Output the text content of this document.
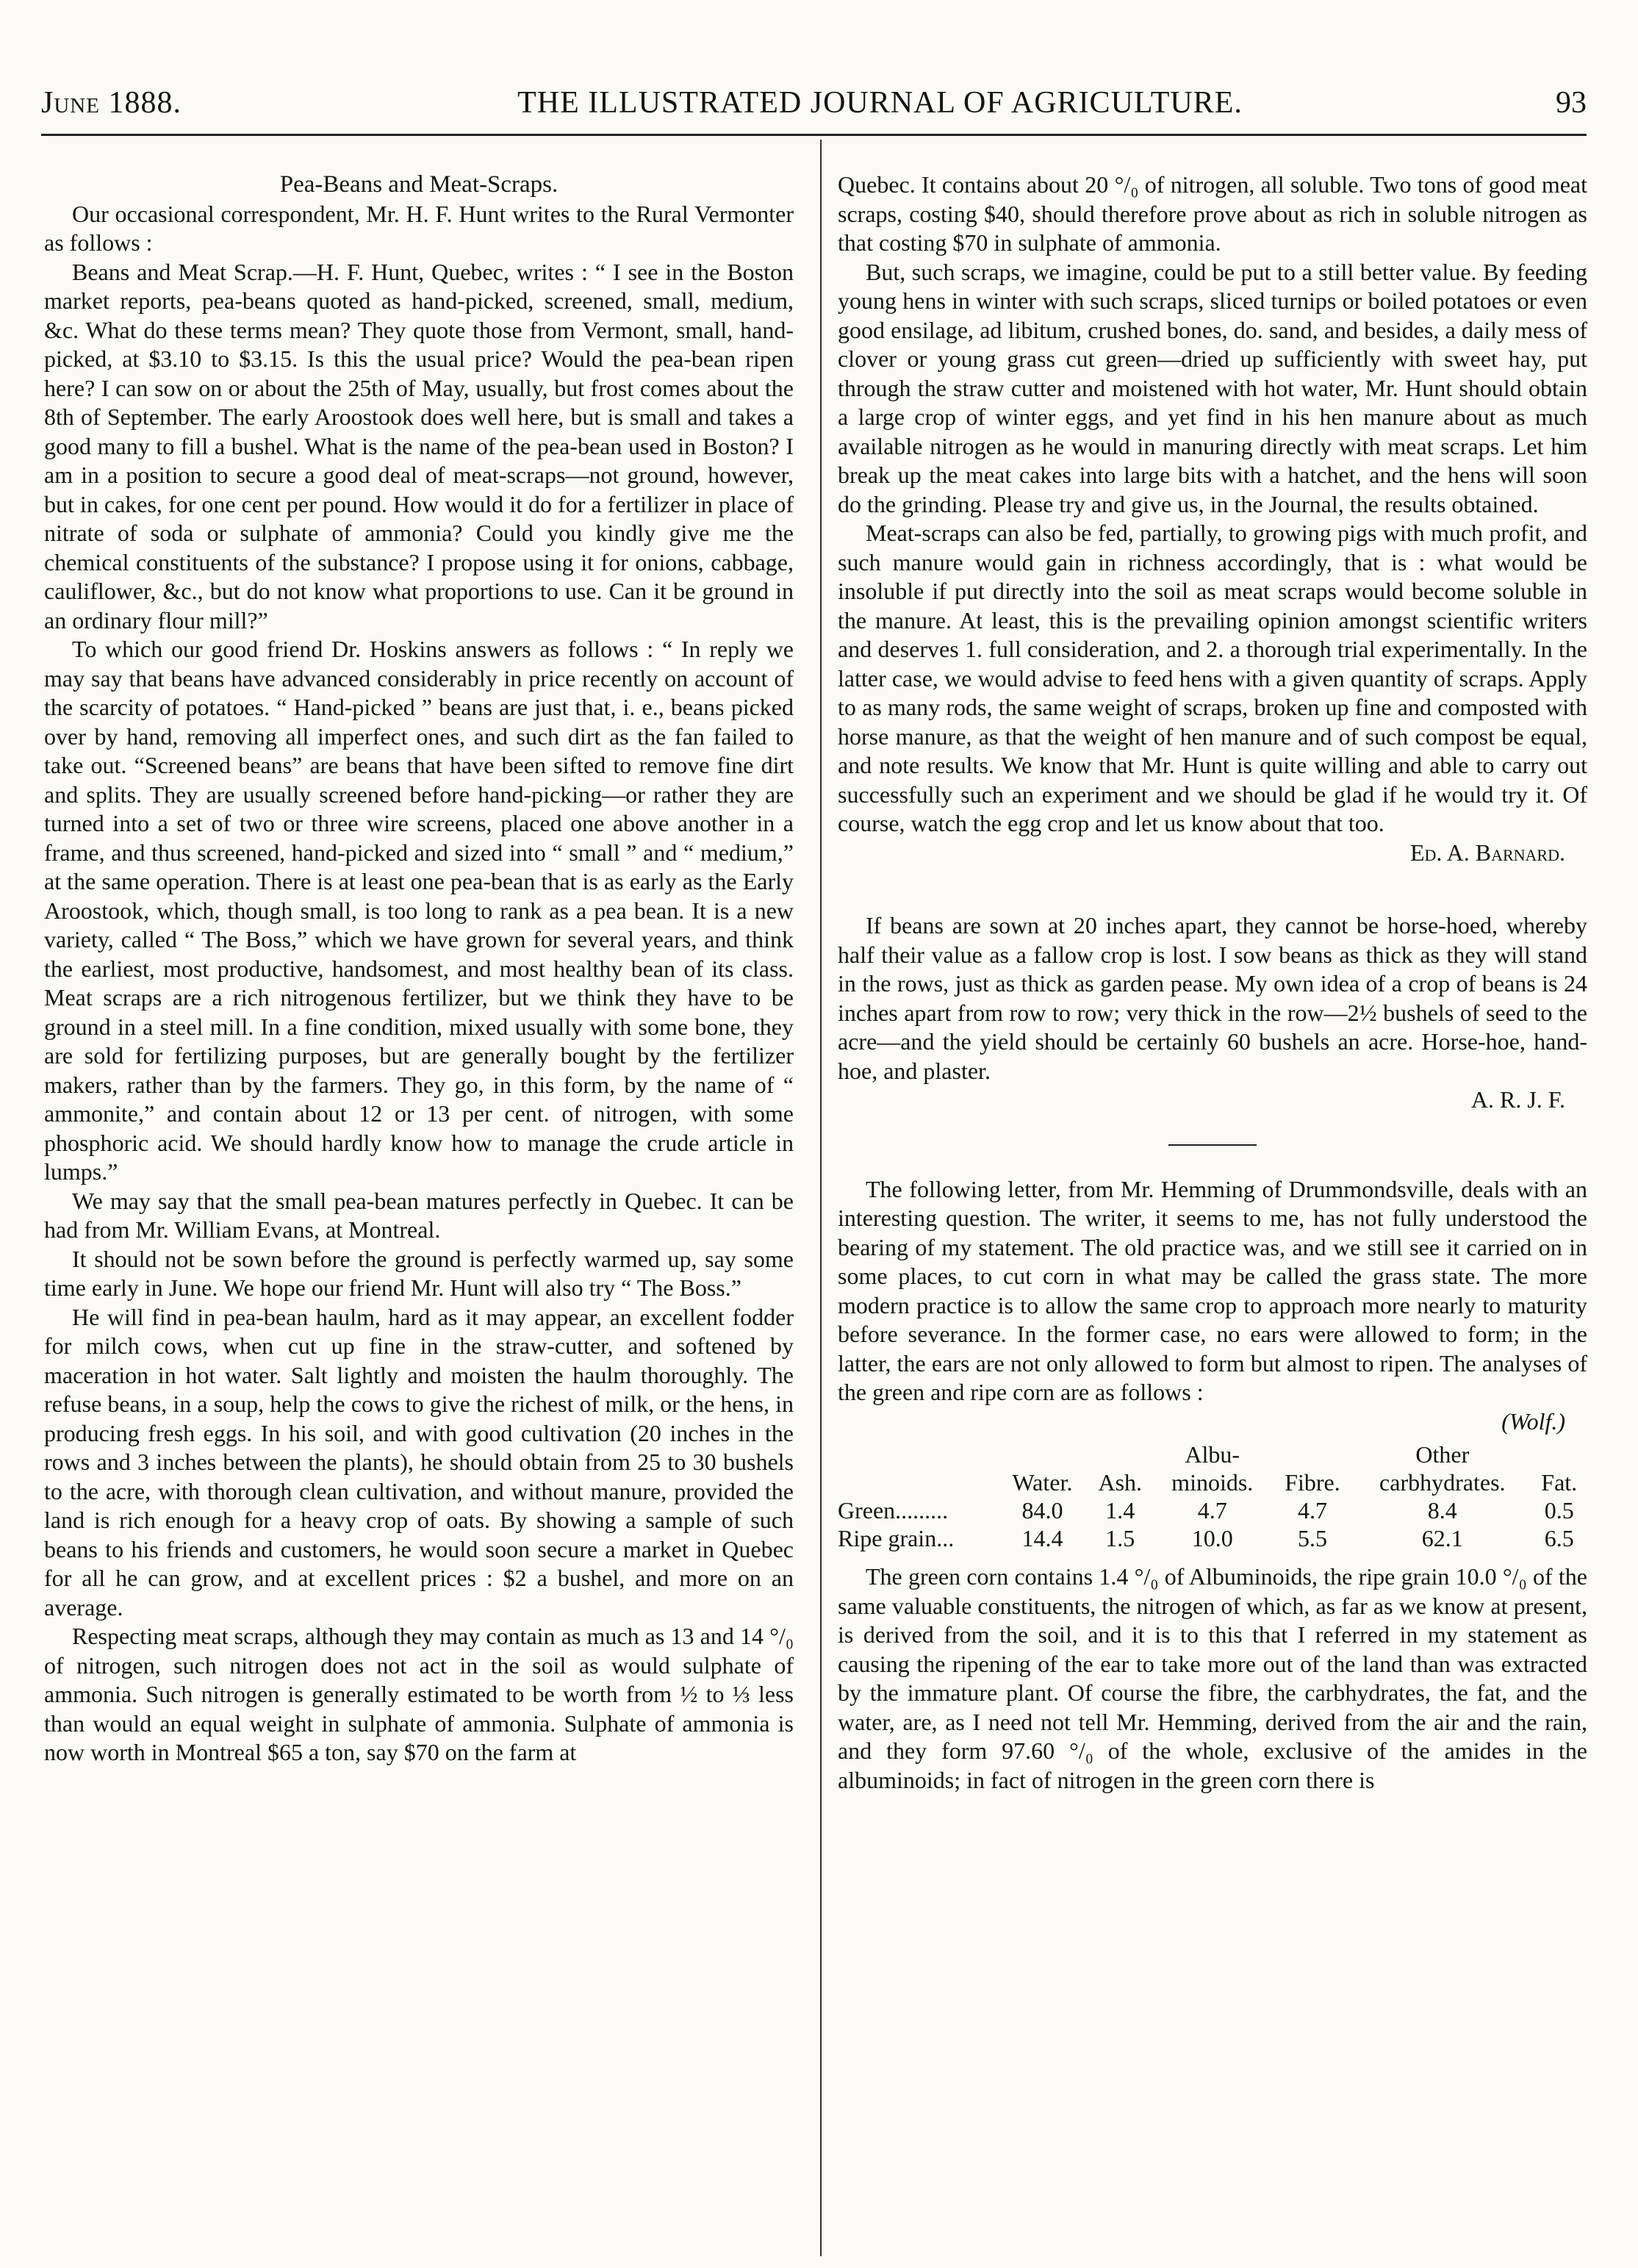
June 1888.	THE ILLUSTRATED JOURNAL OF AGRICULTURE.	93

Pea-Beans and Meat-Scraps.

Our occasional correspondent, Mr. H. F. Hunt writes to the Rural Vermonter as follows :

Beans and Meat Scrap.—H. F. Hunt, Quebec, writes : “ I see in the Boston market reports, pea-beans quoted as hand-picked, screened, small, medium, &c. What do these terms mean? They quote those from Vermont, small, hand-picked, at $3.10 to $3.15. Is this the usual price? Would the pea-bean ripen here? I can sow on or about the 25th of May, usually, but frost comes about the 8th of September. The early Aroostook does well here, but is small and takes a good many to fill a bushel. What is the name of the pea-bean used in Boston? I am in a position to secure a good deal of meat-scraps—not ground, however, but in cakes, for one cent per pound. How would it do for a fertilizer in place of nitrate of soda or sulphate of ammonia? Could you kindly give me the chemical constituents of the substance? I propose using it for onions, cabbage, cauliflower, &c., but do not know what proportions to use. Can it be ground in an ordinary flour mill?”

To which our good friend Dr. Hoskins answers as follows : “ In reply we may say that beans have advanced considerably in price recently on account of the scarcity of potatoes. “ Hand-picked ” beans are just that, i. e., beans picked over by hand, removing all imperfect ones, and such dirt as the fan failed to take out. “Screened beans” are beans that have been sifted to remove fine dirt and splits. They are usually screened before hand-picking—or rather they are turned into a set of two or three wire screens, placed one above another in a frame, and thus screened, hand-picked and sized into “ small ” and “ medium,” at the same operation. There is at least one pea-bean that is as early as the Early Aroostook, which, though small, is too long to rank as a pea bean. It is a new variety, called “ The Boss,” which we have grown for several years, and think the earliest, most productive, handsomest, and most healthy bean of its class. Meat scraps are a rich nitrogenous fertilizer, but we think they have to be ground in a steel mill. In a fine condition, mixed usually with some bone, they are sold for fertilizing purposes, but are generally bought by the fertilizer makers, rather than by the farmers. They go, in this form, by the name of “ ammonite,” and contain about 12 or 13 per cent. of nitrogen, with some phosphoric acid. We should hardly know how to manage the crude article in lumps.”

We may say that the small pea-bean matures perfectly in Quebec. It can be had from Mr. William Evans, at Montreal.

It should not be sown before the ground is perfectly warmed up, say some time early in June. We hope our friend Mr. Hunt will also try “ The Boss.”

He will find in pea-bean haulm, hard as it may appear, an excellent fodder for milch cows, when cut up fine in the straw-cutter, and softened by maceration in hot water. Salt lightly and moisten the haulm thoroughly. The refuse beans, in a soup, help the cows to give the richest of milk, or the hens, in producing fresh eggs. In his soil, and with good cultivation (20 inches in the rows and 3 inches between the plants), he should obtain from 25 to 30 bushels to the acre, with thorough clean cultivation, and without manure, provided the land is rich enough for a heavy crop of oats. By showing a sample of such beans to his friends and customers, he would soon secure a market in Quebec for all he can grow, and at excellent prices : $2 a bushel, and more on an average.

Respecting meat scraps, although they may contain as much as 13 and 14 °/₀ of nitrogen, such nitrogen does not act in the soil as would sulphate of ammonia. Such nitrogen is generally estimated to be worth from ½ to ⅓ less than would an equal weight in sulphate of ammonia. Sulphate of ammonia is now worth in Montreal $65 a ton, say $70 on the farm at

Quebec. It contains about 20 °/₀ of nitrogen, all soluble. Two tons of good meat scraps, costing $40, should therefore prove about as rich in soluble nitrogen as that costing $70 in sulphate of ammonia.

But, such scraps, we imagine, could be put to a still better value. By feeding young hens in winter with such scraps, sliced turnips or boiled potatoes or even good ensilage, ad libitum, crushed bones, do. sand, and besides, a daily mess of clover or young grass cut green—dried up sufficiently with sweet hay, put through the straw cutter and moistened with hot water, Mr. Hunt should obtain a large crop of winter eggs, and yet find in his hen manure about as much available nitrogen as he would in manuring directly with meat scraps. Let him break up the meat cakes into large bits with a hatchet, and the hens will soon do the grinding. Please try and give us, in the Journal, the results obtained.

Meat-scraps can also be fed, partially, to growing pigs with much profit, and such manure would gain in richness accordingly, that is : what would be insoluble if put directly into the soil as meat scraps would become soluble in the manure. At least, this is the prevailing opinion amongst scientific writers and deserves 1. full consideration, and 2. a thorough trial experimentally. In the latter case, we would advise to feed hens with a given quantity of scraps. Apply to as many rods, the same weight of scraps, broken up fine and composted with horse manure, as that the weight of hen manure and of such compost be equal, and note results. We know that Mr. Hunt is quite willing and able to carry out successfully such an experiment and we should be glad if he would try it. Of course, watch the egg crop and let us know about that too.

Ed. A. Barnard.

If beans are sown at 20 inches apart, they cannot be horse-hoed, whereby half their value as a fallow crop is lost. I sow beans as thick as they will stand in the rows, just as thick as garden pease. My own idea of a crop of beans is 24 inches apart from row to row; very thick in the row—2½ bushels of seed to the acre—and the yield should be certainly 60 bushels an acre. Horse-hoe, hand-hoe, and plaster.

A. R. J. F.

The following letter, from Mr. Hemming of Drummondsville, deals with an interesting question. The writer, it seems to me, has not fully understood the bearing of my statement. The old practice was, and we still see it carried on in some places, to cut corn in what may be called the grass state. The more modern practice is to allow the same crop to approach more nearly to maturity before severance. In the former case, no ears were allowed to form; in the latter, the ears are not only allowed to form but almost to ripen. The analyses of the green and ripe corn are as follows :

(Wolf.)

			Albu-		Other	
	Water.	Ash.	minoids.	Fibre.	carbhydrates.	Fat.
Green.........	84.0	1.4	4.7	4.7	8.4	0.5
Ripe grain...	14.4	1.5	10.0	5.5	62.1	6.5

The green corn contains 1.4 °/₀ of Albuminoids, the ripe grain 10.0 °/₀ of the same valuable constituents, the nitrogen of which, as far as we know at present, is derived from the soil, and it is to this that I referred in my statement as causing the ripening of the ear to take more out of the land than was extracted by the immature plant. Of course the fibre, the carbhydrates, the fat, and the water, are, as I need not tell Mr. Hemming, derived from the air and the rain, and they form 97.60 °/₀ of the whole, exclusive of the amides in the albuminoids; in fact of nitrogen in the green corn there is
